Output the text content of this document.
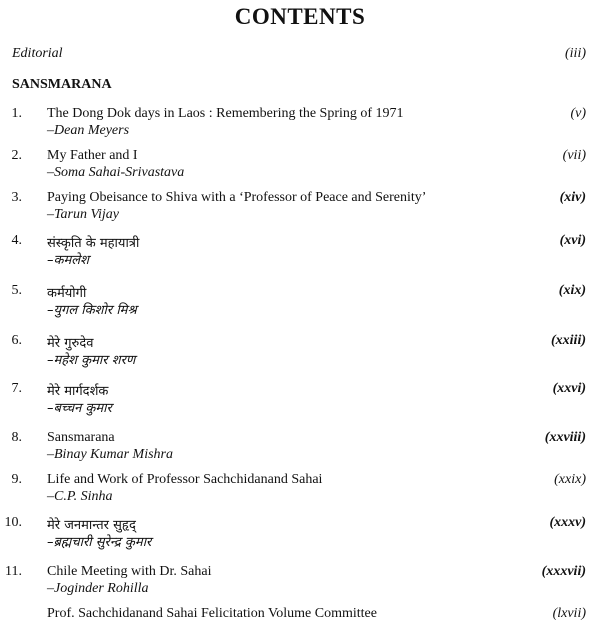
CONTENTS
Editorial	(iii)
SANSMARANA
1. The Dong Dok days in Laos : Remembering the Spring of 1971
–Dean Meyers
(v)
2. My Father and I
–Soma Sahai-Srivastava
(vii)
3. Paying Obeisance to Shiva with a ‘Professor of Peace and Serenity’
–Tarun Vijay
(xiv)
4. संस्कृति के महायात्री
–कमलेश
(xvi)
5. कर्मयोगी
–युगल किशोर मिश्र
(xix)
6. मेरे गुरुदेव
–महेश कुमार शरण
(xxiii)
7. मेरे मार्गदर्शक
–बच्चन कुमार
(xxvi)
8. Sansmarana
–Binay Kumar Mishra
(xxviii)
9. Life and Work of Professor Sachchidanand Sahai
–C.P. Sinha
(xxix)
10. मेरे जनमान्तर सुहृद्
–ब्रह्मचारी सुरेन्द्र कुमार
(xxxv)
11. Chile Meeting with Dr. Sahai
–Joginder Rohilla
(xxxvii)
Prof. Sachchidanand Sahai Felicitation Volume Committee	(lxvii)
